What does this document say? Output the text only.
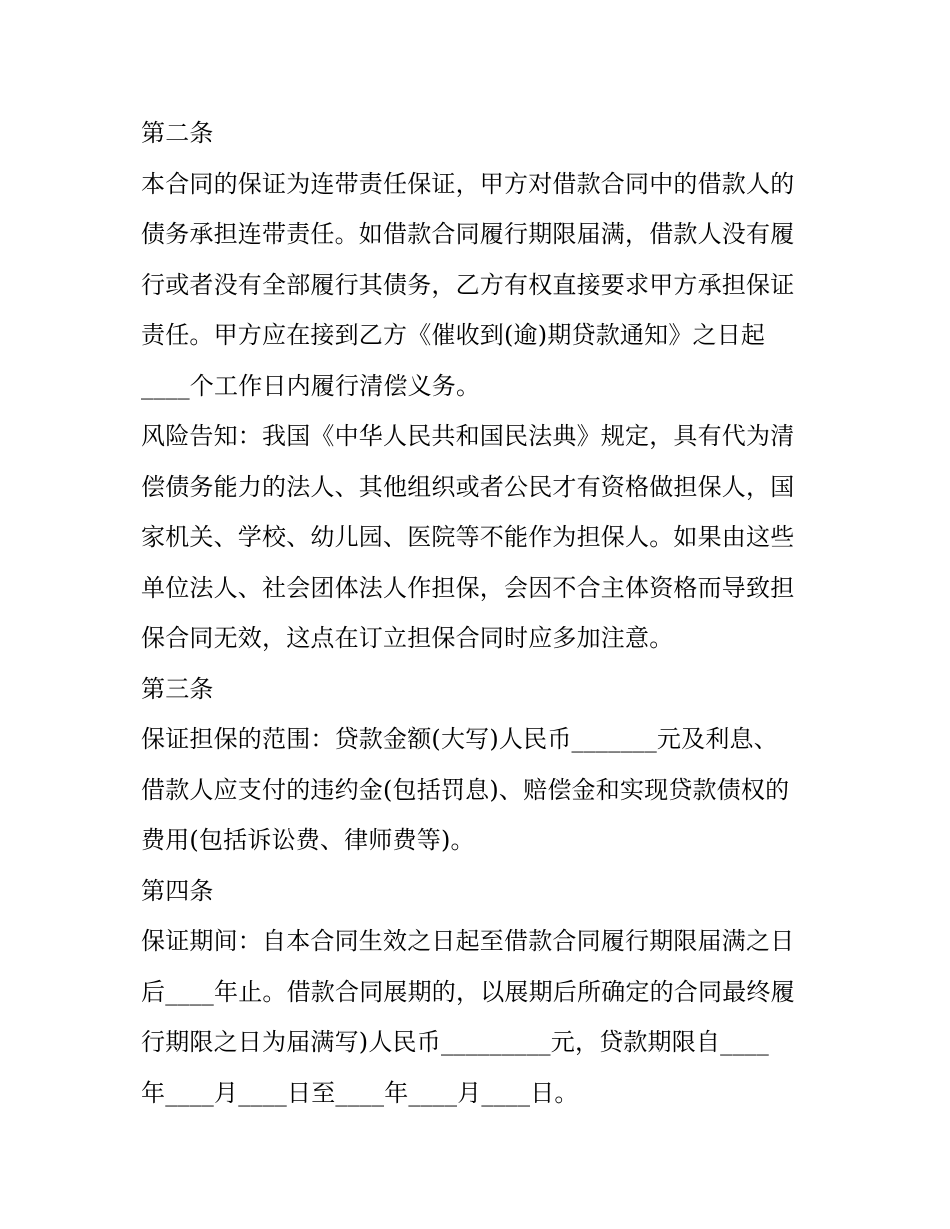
第二条
本合同的保证为连带责任保证，甲方对借款合同中的借款人的
债务承担连带责任。如借款合同履行期限届满，借款人没有履
行或者没有全部履行其债务，乙方有权直接要求甲方承担保证
责任。甲方应在接到乙方《催收到(逾)期贷款通知》之日起
____个工作日内履行清偿义务。
风险告知：我国《中华人民共和国民法典》规定，具有代为清
偿债务能力的法人、其他组织或者公民才有资格做担保人，国
家机关、学校、幼儿园、医院等不能作为担保人。如果由这些
单位法人、社会团体法人作担保，会因不合主体资格而导致担
保合同无效，这点在订立担保合同时应多加注意。
第三条
保证担保的范围：贷款金额(大写)人民币_______元及利息、
借款人应支付的违约金(包括罚息)、赔偿金和实现贷款债权的
费用(包括诉讼费、律师费等)。
第四条
保证期间：自本合同生效之日起至借款合同履行期限届满之日
后____年止。借款合同展期的，以展期后所确定的合同最终履
行期限之日为届满写)人民币_________元，贷款期限自____
年____月____日至____年____月____日。
